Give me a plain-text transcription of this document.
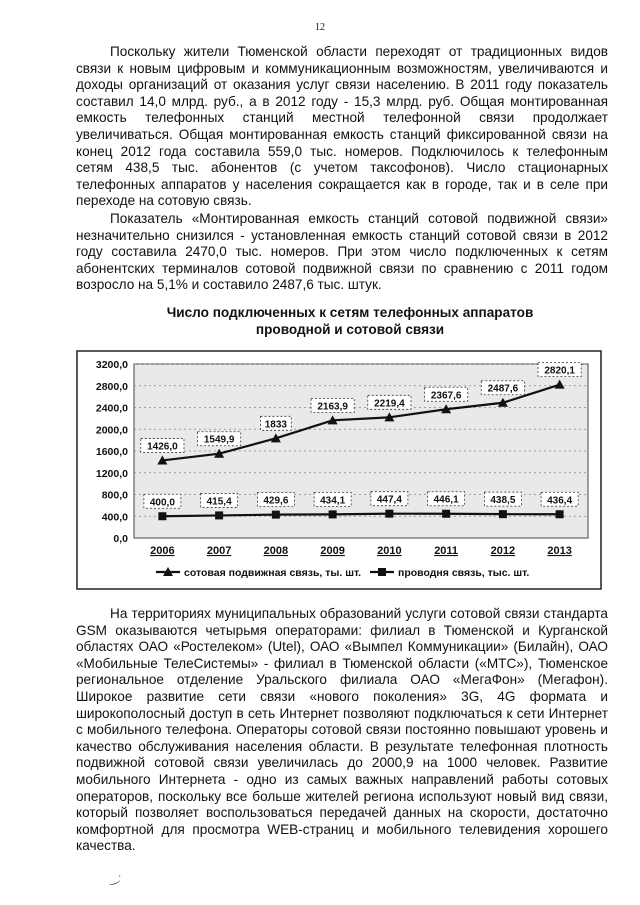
12

Поскольку жители Тюменской области переходят от традиционных видов связи к новым цифровым и коммуникационным возможностям, увеличиваются и доходы организаций от оказания услуг связи населению. В 2011 году показатель составил 14,0 млрд. руб., а в 2012 году - 15,3 млрд. руб. Общая монтированная емкость телефонных станций местной телефонной связи продолжает увеличиваться. Общая монтированная емкость станций фиксированной связи на конец 2012 года составила 559,0 тыс. номеров. Подключилось к телефонным сетям 438,5 тыс. абонентов (с учетом таксофонов). Число стационарных телефонных аппаратов у населения сокращается как в городе, так и в селе при переходе на сотовую связь.

Показатель «Монтированная емкость станций сотовой подвижной связи» незначительно снизился - установленная емкость станций сотовой связи в 2012 году составила 2470,0 тыс. номеров. При этом число подключенных к сетям абонентских терминалов сотовой подвижной связи по сравнению с 2011 годом возросло на 5,1% и составило 2487,6 тыс. штук.

Число подключенных к сетям телефонных аппаратов
проводной и сотовой связи
0,0
400,0
800,0
1200,0
1600,0
2000,0
2400,0
2800,0
3200,0
2006	2007	2008	2009	2010	2011	2012	2013
1426,0
1549,9
1833
2163,9	2219,4
2367,6
2487,6
2820,1
400,0	415,4	429,6	434,1	447,4	446,1	438,5	436,4
сотовая подвижная связь, ты. шт.	проводня связь, тыс. шт.

На территориях муниципальных образований услуги сотовой связи стандарта GSM оказываются четырьмя операторами: филиал в Тюменской и Курганской областях ОАО «Ростелеком» (Utel), ОАО «Вымпел Коммуникации» (Билайн), ОАО «Мобильные ТелеСистемы» - филиал в Тюменской области («МТС»), Тюменское региональное отделение Уральского филиала ОАО «МегаФон» (Мегафон). Широкое развитие сети связи «нового поколения» 3G, 4G формата и широкополосный доступ в сеть Интернет позволяют подключаться к сети Интернет с мобильного телефона. Операторы сотовой связи постоянно повышают уровень и качество обслуживания населения области. В результате телефонная плотность подвижной сотовой связи увеличилась до 2000,9 на 1000 человек. Развитие мобильного Интернета - одно из самых важных направлений работы сотовых операторов, поскольку все больше жителей региона используют новый вид связи, который позволяет воспользоваться передачей данных на скорости, достаточно комфортной для просмотра WEB-страниц и мобильного телевидения хорошего качества.

‿·
